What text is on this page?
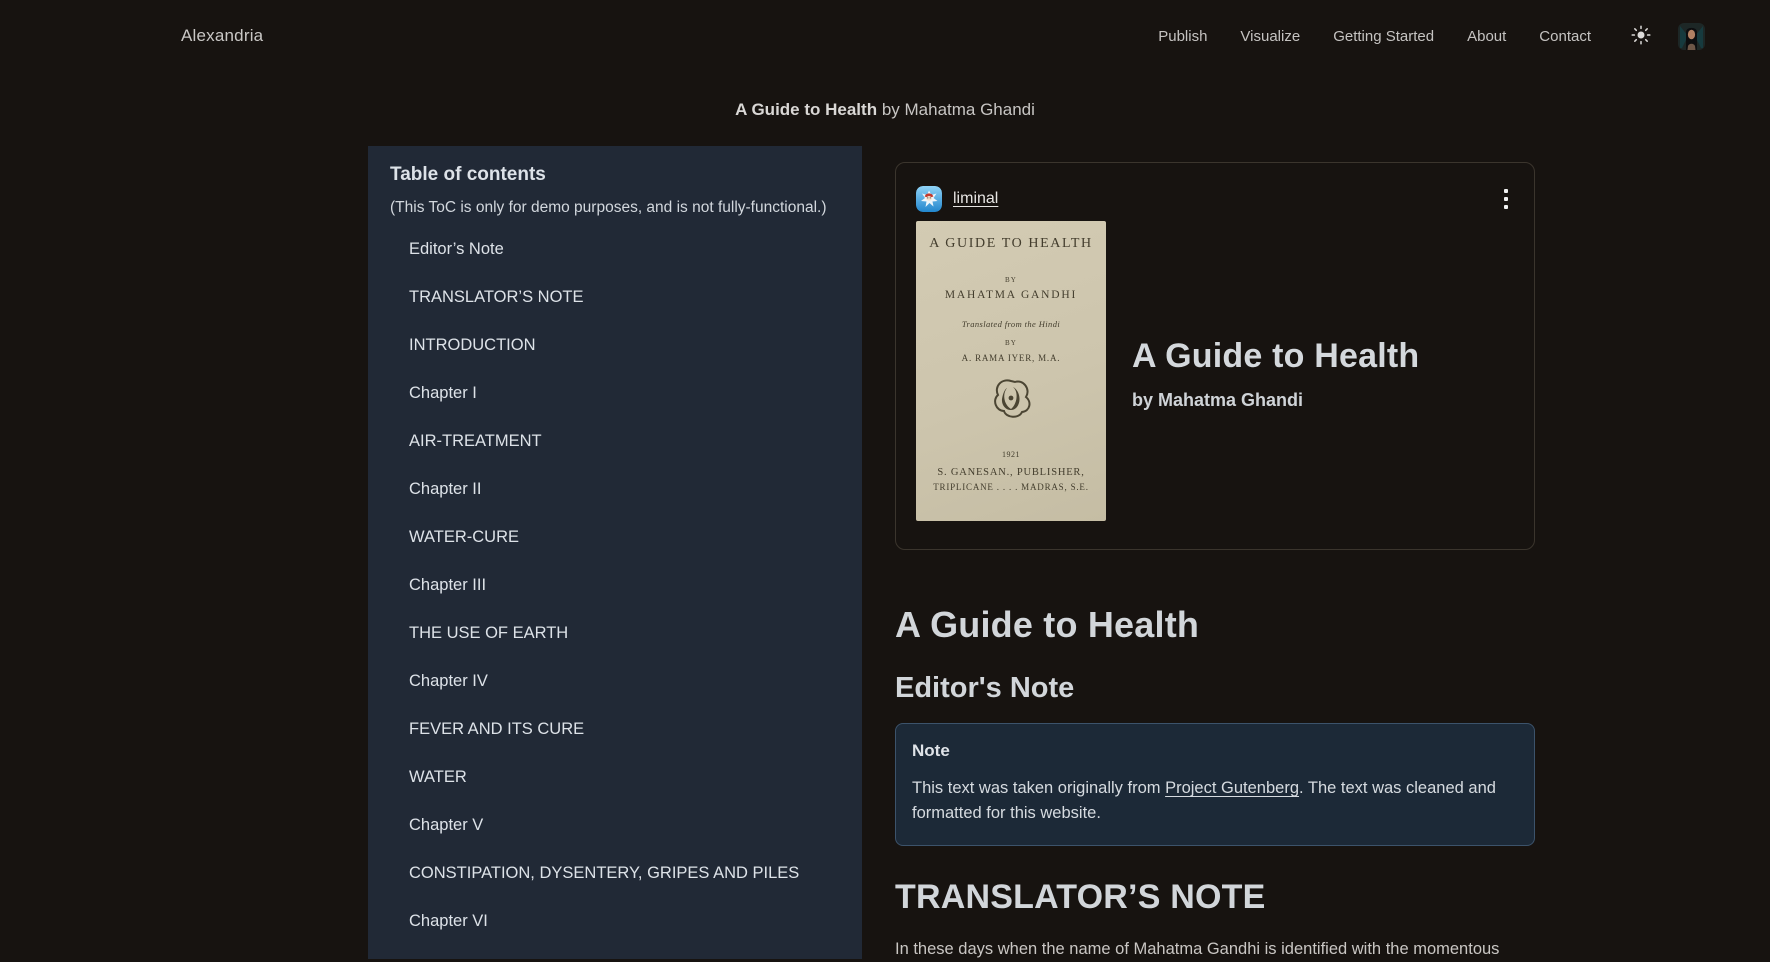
Alexandria	Publish Visualize Getting Started About Contact
A Guide to Health by Mahatma Ghandi
Table of contents
(This ToC is only for demo purposes, and is not fully-functional.)
Editor’s Note
TRANSLATOR’S NOTE
INTRODUCTION
Chapter I
AIR-TREATMENT
Chapter II
WATER-CURE
Chapter III
THE USE OF EARTH
Chapter IV
FEVER AND ITS CURE
WATER
Chapter V
CONSTIPATION, DYSENTERY, GRIPES AND PILES
Chapter VI
liminal
A GUIDE TO HEALTH
BY
MAHATMA GANDHI
Translated from the Hindi
BY
A. RAMA IYER, M.A.
1921
S. GANESAN., PUBLISHER,
TRIPLICANE . . . . MADRAS, S.E.
A Guide to Health
by Mahatma Ghandi
A Guide to Health
Editor's Note
Note
This text was taken originally from Project Gutenberg. The text was cleaned and formatted for this website.
TRANSLATOR’S NOTE

In these days when the name of Mahatma Gandhi is identified with the momentous
